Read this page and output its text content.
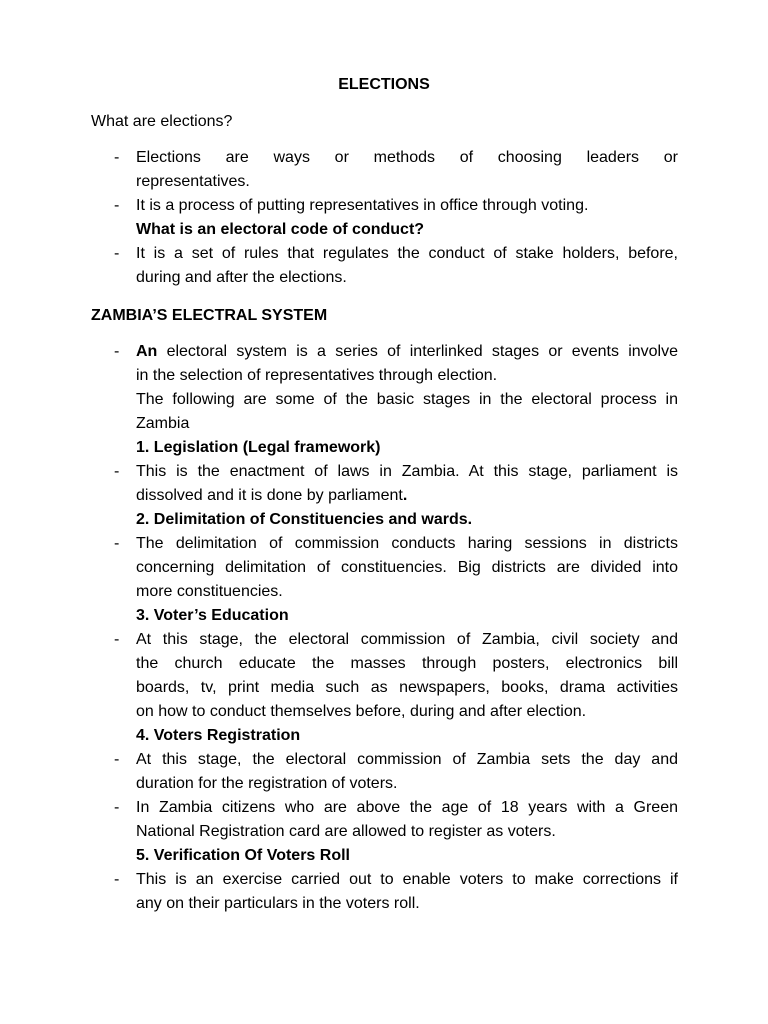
ELECTIONS
What are elections?
-	Elections are ways or methods of choosing leaders or
representatives.
-	It is a process of putting representatives in office through voting.
What is an electoral code of conduct?
-	It is a set of rules that regulates the conduct of stake holders, before,
during and after the elections.
ZAMBIA’S ELECTRAL SYSTEM
-	An electoral system is a series of interlinked stages or events involve
in the selection of representatives through election.
The following are some of the basic stages in the electoral process in
Zambia
1. Legislation (Legal framework)
-	This is the enactment of laws in Zambia. At this stage, parliament is
dissolved and it is done by parliament.
2. Delimitation of Constituencies and wards.
-	The delimitation of commission conducts haring sessions in districts
concerning delimitation of constituencies. Big districts are divided into
more constituencies.
3. Voter’s Education
-	At this stage, the electoral commission of Zambia, civil society and
the church educate the masses through posters, electronics bill
boards, tv, print media such as newspapers, books, drama activities
on how to conduct themselves before, during and after election.
4. Voters Registration
-	At this stage, the electoral commission of Zambia sets the day and
duration for the registration of voters.
-	In Zambia citizens who are above the age of 18 years with a Green
National Registration card are allowed to register as voters.
5. Verification Of Voters Roll
-	This is an exercise carried out to enable voters to make corrections if
any on their particulars in the voters roll.
